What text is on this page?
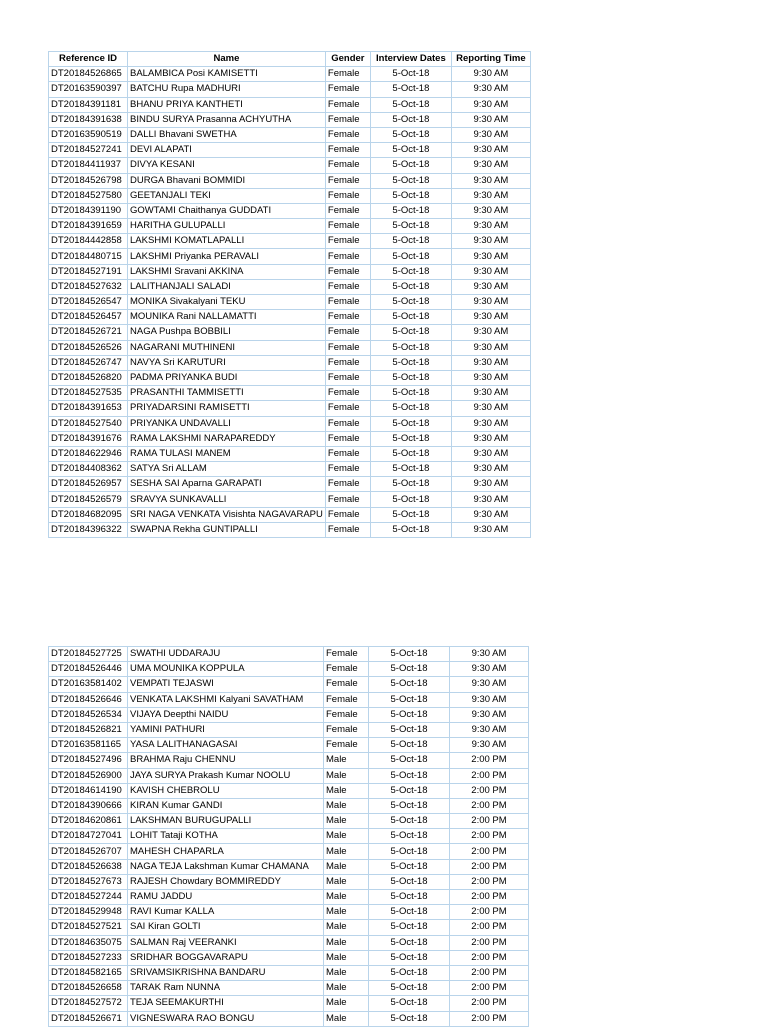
Reference ID	Name	Gender	Interview Dates	Reporting Time
DT20184526865	BALAMBICA Posi KAMISETTI	Female	5-Oct-18	9:30 AM
DT20163590397	BATCHU Rupa MADHURI	Female	5-Oct-18	9:30 AM
DT20184391181	BHANU PRIYA KANTHETI	Female	5-Oct-18	9:30 AM
DT20184391638	BINDU SURYA Prasanna ACHYUTHA	Female	5-Oct-18	9:30 AM
DT20163590519	DALLI Bhavani SWETHA	Female	5-Oct-18	9:30 AM
DT20184527241	DEVI ALAPATI	Female	5-Oct-18	9:30 AM
DT20184411937	DIVYA KESANI	Female	5-Oct-18	9:30 AM
DT20184526798	DURGA Bhavani BOMMIDI	Female	5-Oct-18	9:30 AM
DT20184527580	GEETANJALI TEKI	Female	5-Oct-18	9:30 AM
DT20184391190	GOWTAMI Chaithanya GUDDATI	Female	5-Oct-18	9:30 AM
DT20184391659	HARITHA GULUPALLI	Female	5-Oct-18	9:30 AM
DT20184442858	LAKSHMI KOMATLAPALLI	Female	5-Oct-18	9:30 AM
DT20184480715	LAKSHMI Priyanka PERAVALI	Female	5-Oct-18	9:30 AM
DT20184527191	LAKSHMI Sravani AKKINA	Female	5-Oct-18	9:30 AM
DT20184527632	LALITHANJALI SALADI	Female	5-Oct-18	9:30 AM
DT20184526547	MONIKA Sivakalyani TEKU	Female	5-Oct-18	9:30 AM
DT20184526457	MOUNIKA Rani NALLAMATTI	Female	5-Oct-18	9:30 AM
DT20184526721	NAGA Pushpa BOBBILI	Female	5-Oct-18	9:30 AM
DT20184526526	NAGARANI MUTHINENI	Female	5-Oct-18	9:30 AM
DT20184526747	NAVYA Sri KARUTURI	Female	5-Oct-18	9:30 AM
DT20184526820	PADMA PRIYANKA BUDI	Female	5-Oct-18	9:30 AM
DT20184527535	PRASANTHI TAMMISETTI	Female	5-Oct-18	9:30 AM
DT20184391653	PRIYADARSINI RAMISETTI	Female	5-Oct-18	9:30 AM
DT20184527540	PRIYANKA UNDAVALLI	Female	5-Oct-18	9:30 AM
DT20184391676	RAMA LAKSHMI NARAPAREDDY	Female	5-Oct-18	9:30 AM
DT20184622946	RAMA TULASI MANEM	Female	5-Oct-18	9:30 AM
DT20184408362	SATYA Sri ALLAM	Female	5-Oct-18	9:30 AM
DT20184526957	SESHA SAI Aparna GARAPATI	Female	5-Oct-18	9:30 AM
DT20184526579	SRAVYA SUNKAVALLI	Female	5-Oct-18	9:30 AM
DT20184682095	SRI NAGA VENKATA Visishta NAGAVARAPU	Female	5-Oct-18	9:30 AM
DT20184396322	SWAPNA Rekha GUNTIPALLI	Female	5-Oct-18	9:30 AM
DT20184527725	SWATHI UDDARAJU	Female	5-Oct-18	9:30 AM
DT20184526446	UMA MOUNIKA KOPPULA	Female	5-Oct-18	9:30 AM
DT20163581402	VEMPATI TEJASWI	Female	5-Oct-18	9:30 AM
DT20184526646	VENKATA LAKSHMI Kalyani SAVATHAM	Female	5-Oct-18	9:30 AM
DT20184526534	VIJAYA Deepthi NAIDU	Female	5-Oct-18	9:30 AM
DT20184526821	YAMINI PATHURI	Female	5-Oct-18	9:30 AM
DT20163581165	YASA LALITHANAGASAI	Female	5-Oct-18	9:30 AM
DT20184527496	BRAHMA Raju CHENNU	Male	5-Oct-18	2:00 PM
DT20184526900	JAYA SURYA Prakash Kumar NOOLU	Male	5-Oct-18	2:00 PM
DT20184614190	KAVISH CHEBROLU	Male	5-Oct-18	2:00 PM
DT20184390666	KIRAN Kumar GANDI	Male	5-Oct-18	2:00 PM
DT20184620861	LAKSHMAN BURUGUPALLI	Male	5-Oct-18	2:00 PM
DT20184727041	LOHIT Tataji KOTHA	Male	5-Oct-18	2:00 PM
DT20184526707	MAHESH CHAPARLA	Male	5-Oct-18	2:00 PM
DT20184526638	NAGA TEJA Lakshman Kumar CHAMANA	Male	5-Oct-18	2:00 PM
DT20184527673	RAJESH Chowdary BOMMIREDDY	Male	5-Oct-18	2:00 PM
DT20184527244	RAMU JADDU	Male	5-Oct-18	2:00 PM
DT20184529948	RAVI Kumar KALLA	Male	5-Oct-18	2:00 PM
DT20184527521	SAI Kiran GOLTI	Male	5-Oct-18	2:00 PM
DT20184635075	SALMAN Raj VEERANKI	Male	5-Oct-18	2:00 PM
DT20184527233	SRIDHAR BOGGAVARAPU	Male	5-Oct-18	2:00 PM
DT20184582165	SRIVAMSIKRISHNA BANDARU	Male	5-Oct-18	2:00 PM
DT20184526658	TARAK Ram NUNNA	Male	5-Oct-18	2:00 PM
DT20184527572	TEJA SEEMAKURTHI	Male	5-Oct-18	2:00 PM
DT20184526671	VIGNESWARA RAO BONGU	Male	5-Oct-18	2:00 PM
